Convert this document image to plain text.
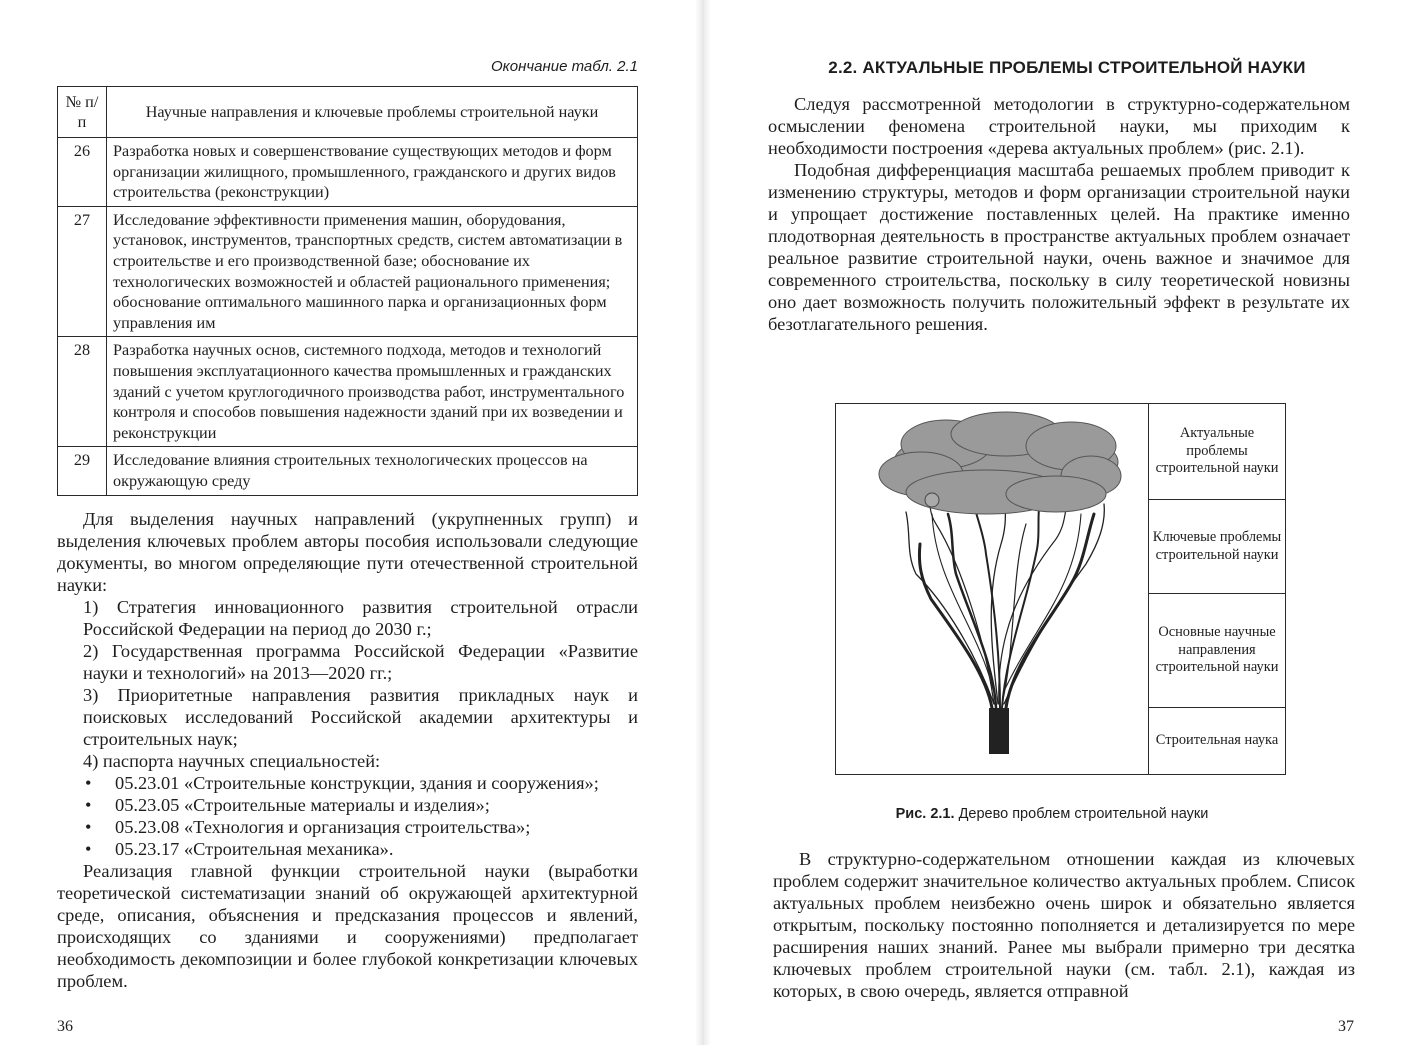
Окончание табл. 2.1
№ п/п	Научные направления и ключевые проблемы строительной науки
26	Разработка новых и совершенствование существующих методов и форм организации жилищного, промышленного, гражданского и других видов строительства (реконструкции)
27	Исследование эффективности применения машин, оборудования, установок, инструментов, транспортных средств, систем автоматизации в строительстве и его производственной базе; обоснование их технологических возможностей и областей рационального применения; обоснование оптимального машинного парка и организационных форм управления им
28	Разработка научных основ, системного подхода, методов и технологий повышения эксплуатационного качества промышленных и гражданских зданий с учетом круглогодичного производства работ, инструментального контроля и способов повышения надежности зданий при их возведении и реконструкции
29	Исследование влияния строительных технологических процессов на окружающую среду

Для выделения научных направлений (укрупненных групп) и выделения ключевых проблем авторы пособия использовали следующие документы, во многом определяющие пути отечественной строительной науки:

1) Стратегия инновационного развития строительной отрасли Российской Федерации на период до 2030 г.;

2) Государственная программа Российской Федерации «Развитие науки и технологий» на 2013—2020 гг.;

3) Приоритетные направления развития прикладных наук и поисковых исследований Российской академии архитектуры и строительных наук;

4) паспорта научных специальностей:

• 05.23.01 «Строительные конструкции, здания и сооружения»;

• 05.23.05 «Строительные материалы и изделия»;

• 05.23.08 «Технология и организация строительства»;

• 05.23.17 «Строительная механика».

Реализация главной функции строительной науки (выработки теоретической систематизации знаний об окружающей архитектурной среде, описания, объяснения и предсказания процессов и явлений, происходящих со зданиями и сооружениями) предполагает необходимость декомпозиции и более глубокой конкретизации ключевых проблем.

36
2.2. АКТУАЛЬНЫЕ ПРОБЛЕМЫ СТРОИТЕЛЬНОЙ НАУКИ

Следуя рассмотренной методологии в структурно-содержательном осмыслении феномена строительной науки, мы приходим к необходимости построения «дерева актуальных проблем» (рис. 2.1).

Подобная дифференциация масштаба решаемых проблем приводит к изменению структуры, методов и форм организации строительной науки и упрощает достижение поставленных целей. На практике именно плодотворная деятельность в пространстве актуальных проблем означает реальное развитие строительной науки, очень важное и значимое для современного строительства, поскольку в силу теоретической новизны оно дает возможность получить положительный эффект в результате их безотлагательного решения.

Актуальные проблемы строительной науки
Ключевые проблемы строительной науки
Основные научные направления строительной науки
Строительная наука
Рис. 2.1. Дерево проблем строительной науки

В структурно-содержательном отношении каждая из ключевых проблем содержит значительное количество актуальных проблем. Список актуальных проблем неизбежно очень широк и обязательно является открытым, поскольку постоянно пополняется и детализируется по мере расширения наших знаний. Ранее мы выбрали примерно три десятка ключевых проблем строительной науки (см. табл. 2.1), каждая из которых, в свою очередь, является отправной

37
